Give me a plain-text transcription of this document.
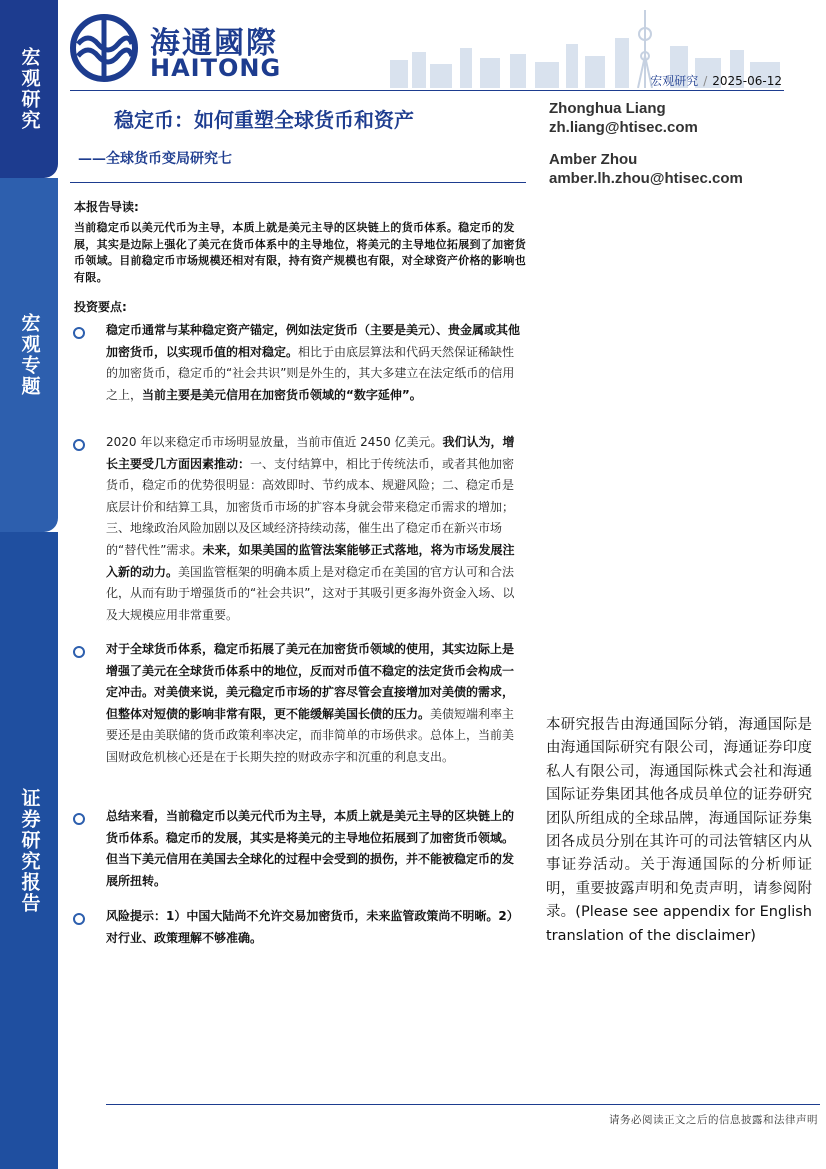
宏观研究
宏观专题
证券研究报告
海通國際
HAITONG	宏观研究 / 2025-06-12
稳定币：如何重塑全球货币和资产
——全球货币变局研究七
Zhonghua Liang
zh.liang@htisec.com
Amber Zhou
amber.lh.zhou@htisec.com
本报告导读:
当前稳定币以美元代币为主导，本质上就是美元主导的区块链上的货币体系。稳定币的发展，其实是边际上强化了美元在货币体系中的主导地位，将美元的主导地位拓展到了加密货币领域。目前稳定币市场规模还相对有限，持有资产规模也有限，对全球资产价格的影响也有限。
投资要点:
稳定币通常与某种稳定资产锚定，例如法定货币（主要是美元）、贵金属或其他加密货币，以实现币值的相对稳定。相比于由底层算法和代码天然保证稀缺性的加密货币，稳定币的“社会共识”则是外生的，其大多建立在法定纸币的信用之上，当前主要是美元信用在加密货币领域的“数字延伸”。
2020 年以来稳定币市场明显放量，当前市值近 2450 亿美元。我们认为，增长主要受几方面因素推动：一、支付结算中，相比于传统法币，或者其他加密货币，稳定币的优势很明显：高效即时、节约成本、规避风险；二、稳定币是底层计价和结算工具，加密货币市场的扩容本身就会带来稳定币需求的增加；三、地缘政治风险加剧以及区域经济持续动荡，催生出了稳定币在新兴市场的“替代性”需求。未来，如果美国的监管法案能够正式落地，将为市场发展注入新的动力。美国监管框架的明确本质上是对稳定币在美国的官方认可和合法化，从而有助于增强货币的“社会共识”，这对于其吸引更多海外资金入场、以及大规模应用非常重要。
对于全球货币体系，稳定币拓展了美元在加密货币领域的使用，其实边际上是增强了美元在全球货币体系中的地位，反而对币值不稳定的法定货币会构成一定冲击。对美债来说，美元稳定币市场的扩容尽管会直接增加对美债的需求，但整体对短债的影响非常有限，更不能缓解美国长债的压力。美债短端利率主要还是由美联储的货币政策利率决定，而非简单的市场供求。总体上，当前美国财政危机核心还是在于长期失控的财政赤字和沉重的利息支出。
总结来看，当前稳定币以美元代币为主导，本质上就是美元主导的区块链上的货币体系。稳定币的发展，其实是将美元的主导地位拓展到了加密货币领域。但当下美元信用在美国去全球化的过程中会受到的损伤，并不能被稳定币的发展所扭转。
风险提示：1）中国大陆尚不允许交易加密货币，未来监管政策尚不明晰。2）对行业、政策理解不够准确。
本研究报告由海通国际分销，海通国际是由海通国际研究有限公司，海通证券印度私人有限公司，海通国际株式会社和海通国际证券集团其他各成员单位的证券研究团队所组成的全球品牌，海通国际证券集团各成员分别在其许可的司法管辖区内从事证券活动。关于海通国际的分析师证明，重要披露声明和免责声明，请参阅附录。(Please see appendix for English translation of the disclaimer)
请务必阅读正文之后的信息披露和法律声明
